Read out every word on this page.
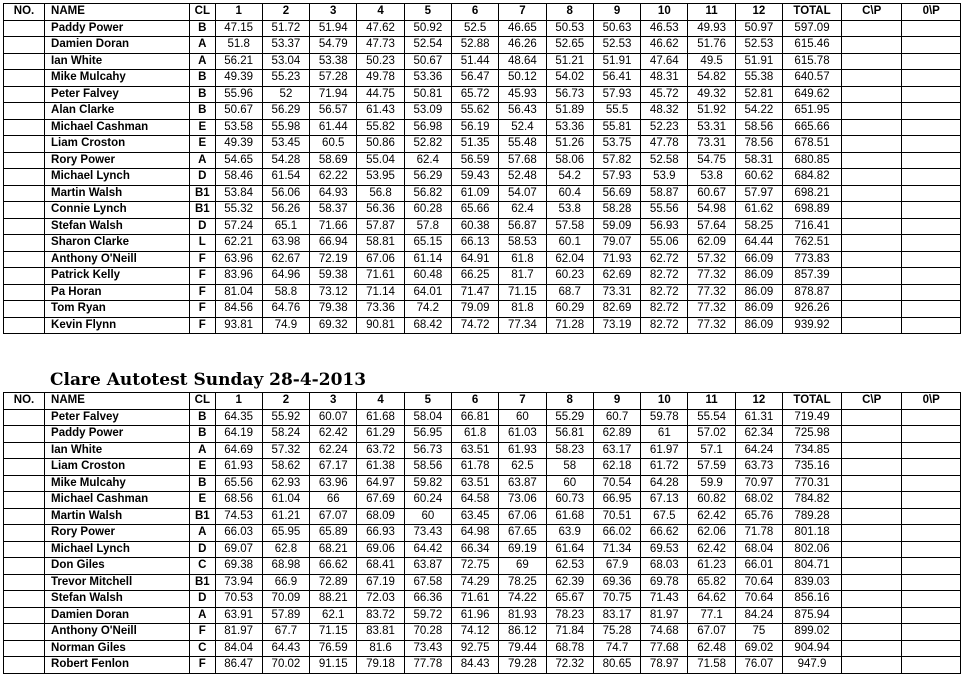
NO.	NAME	CL	1	2	3	4	5	6	7	8	9	10	11	12	TOTAL	C\P	0\P
	Paddy Power	B	47.15	51.72	51.94	47.62	50.92	52.5	46.65	50.53	50.63	46.53	49.93	50.97	597.09		
	Damien Doran	A	51.8	53.37	54.79	47.73	52.54	52.88	46.26	52.65	52.53	46.62	51.76	52.53	615.46		
	Ian White	A	56.21	53.04	53.38	50.23	50.67	51.44	48.64	51.21	51.91	47.64	49.5	51.91	615.78		
	Mike Mulcahy	B	49.39	55.23	57.28	49.78	53.36	56.47	50.12	54.02	56.41	48.31	54.82	55.38	640.57		
	Peter Falvey	B	55.96	52	71.94	44.75	50.81	65.72	45.93	56.73	57.93	45.72	49.32	52.81	649.62		
	Alan Clarke	B	50.67	56.29	56.57	61.43	53.09	55.62	56.43	51.89	55.5	48.32	51.92	54.22	651.95		
	Michael Cashman	E	53.58	55.98	61.44	55.82	56.98	56.19	52.4	53.36	55.81	52.23	53.31	58.56	665.66		
	Liam Croston	E	49.39	53.45	60.5	50.86	52.82	51.35	55.48	51.26	53.75	47.78	73.31	78.56	678.51		
	Rory Power	A	54.65	54.28	58.69	55.04	62.4	56.59	57.68	58.06	57.82	52.58	54.75	58.31	680.85		
	Michael Lynch	D	58.46	61.54	62.22	53.95	56.29	59.43	52.48	54.2	57.93	53.9	53.8	60.62	684.82		
	Martin Walsh	B1	53.84	56.06	64.93	56.8	56.82	61.09	54.07	60.4	56.69	58.87	60.67	57.97	698.21		
	Connie Lynch	B1	55.32	56.26	58.37	56.36	60.28	65.66	62.4	53.8	58.28	55.56	54.98	61.62	698.89		
	Stefan Walsh	D	57.24	65.1	71.66	57.87	57.8	60.38	56.87	57.58	59.09	56.93	57.64	58.25	716.41		
	Sharon Clarke	L	62.21	63.98	66.94	58.81	65.15	66.13	58.53	60.1	79.07	55.06	62.09	64.44	762.51		
	Anthony O'Neill	F	63.96	62.67	72.19	67.06	61.14	64.91	61.8	62.04	71.93	62.72	57.32	66.09	773.83		
	Patrick Kelly	F	83.96	64.96	59.38	71.61	60.48	66.25	81.7	60.23	62.69	82.72	77.32	86.09	857.39		
	Pa Horan	F	81.04	58.8	73.12	71.14	64.01	71.47	71.15	68.7	73.31	82.72	77.32	86.09	878.87		
	Tom Ryan	F	84.56	64.76	79.38	73.36	74.2	79.09	81.8	60.29	82.69	82.72	77.32	86.09	926.26		
	Kevin Flynn	F	93.81	74.9	69.32	90.81	68.42	74.72	77.34	71.28	73.19	82.72	77.32	86.09	939.92		
Clare Autotest Sunday 28-4-2013
NO.	NAME	CL	1	2	3	4	5	6	7	8	9	10	11	12	TOTAL	C\P	0\P
	Peter Falvey	B	64.35	55.92	60.07	61.68	58.04	66.81	60	55.29	60.7	59.78	55.54	61.31	719.49		
	Paddy Power	B	64.19	58.24	62.42	61.29	56.95	61.8	61.03	56.81	62.89	61	57.02	62.34	725.98		
	Ian White	A	64.69	57.32	62.24	63.72	56.73	63.51	61.93	58.23	63.17	61.97	57.1	64.24	734.85		
	Liam Croston	E	61.93	58.62	67.17	61.38	58.56	61.78	62.5	58	62.18	61.72	57.59	63.73	735.16		
	Mike Mulcahy	B	65.56	62.93	63.96	64.97	59.82	63.51	63.87	60	70.54	64.28	59.9	70.97	770.31		
	Michael Cashman	E	68.56	61.04	66	67.69	60.24	64.58	73.06	60.73	66.95	67.13	60.82	68.02	784.82		
	Martin Walsh	B1	74.53	61.21	67.07	68.09	60	63.45	67.06	61.68	70.51	67.5	62.42	65.76	789.28		
	Rory Power	A	66.03	65.95	65.89	66.93	73.43	64.98	67.65	63.9	66.02	66.62	62.06	71.78	801.18		
	Michael Lynch	D	69.07	62.8	68.21	69.06	64.42	66.34	69.19	61.64	71.34	69.53	62.42	68.04	802.06		
	Don Giles	C	69.38	68.98	66.62	68.41	63.87	72.75	69	62.53	67.9	68.03	61.23	66.01	804.71		
	Trevor Mitchell	B1	73.94	66.9	72.89	67.19	67.58	74.29	78.25	62.39	69.36	69.78	65.82	70.64	839.03		
	Stefan Walsh	D	70.53	70.09	88.21	72.03	66.36	71.61	74.22	65.67	70.75	71.43	64.62	70.64	856.16		
	Damien Doran	A	63.91	57.89	62.1	83.72	59.72	61.96	81.93	78.23	83.17	81.97	77.1	84.24	875.94		
	Anthony O'Neill	F	81.97	67.7	71.15	83.81	70.28	74.12	86.12	71.84	75.28	74.68	67.07	75	899.02		
	Norman Giles	C	84.04	64.43	76.59	81.6	73.43	92.75	79.44	68.78	74.7	77.68	62.48	69.02	904.94		
	Robert Fenlon	F	86.47	70.02	91.15	79.18	77.78	84.43	79.28	72.32	80.65	78.97	71.58	76.07	947.9		
